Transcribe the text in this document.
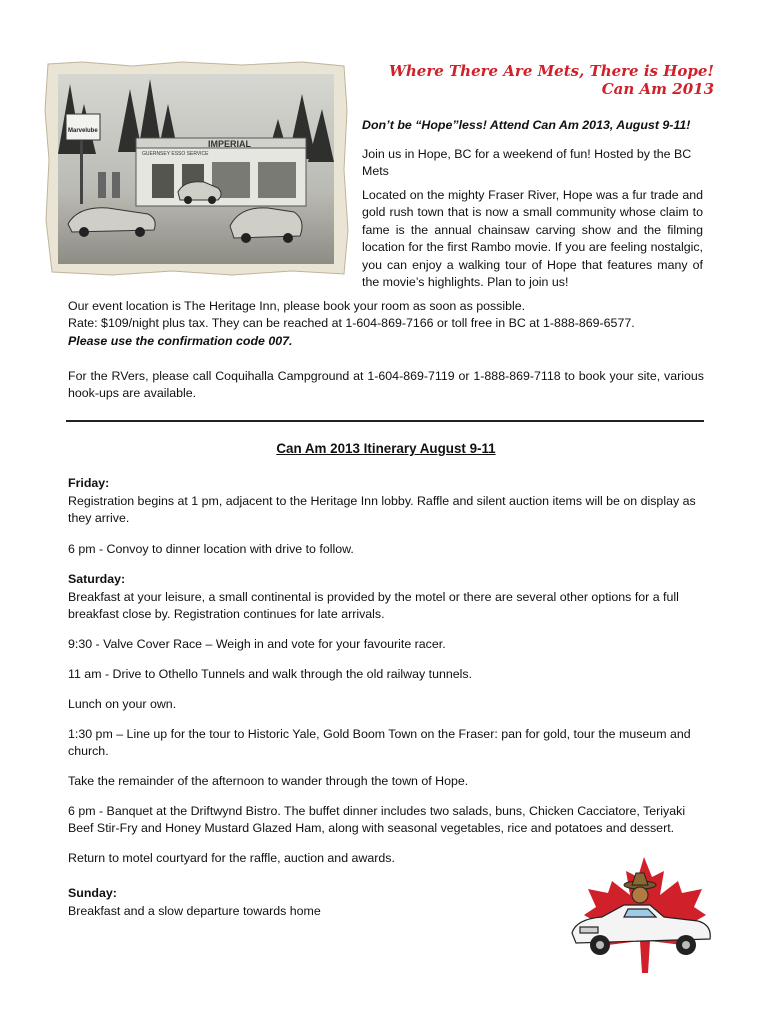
IMPERIAL
GUERNSEY ESSO SERVICE
Marvelube
Where There Are Mets, There is Hope!
Can Am 2013
Don’t be “Hope”less! Attend Can Am 2013, August 9-11!
Join us in Hope, BC for a weekend of fun! Hosted by the BC Mets
Located on the mighty Fraser River, Hope was a fur trade and gold rush town that is now a small community whose claim to fame is the annual chainsaw carving show and the filming location for the first Rambo movie. If you are feeling nostalgic, you can enjoy a walking tour of Hope that features many of the movie’s highlights. Plan to join us!
Our event location is The Heritage Inn, please book your room as soon as possible.
Rate: $109/night plus tax. They can be reached at 1-604-869-7166 or toll free in BC at 1-888-869-6577.
Please use the confirmation code 007.
For the RVers, please call Coquihalla Campground at 1-604-869-7119 or 1-888-869-7118 to book your site, various hook-ups are available.
Can Am 2013 Itinerary August 9-11
Friday:
Registration begins at 1 pm, adjacent to the Heritage Inn lobby. Raffle and silent auction items will be on display as they arrive.
6 pm - Convoy to dinner location with drive to follow.
Saturday:
Breakfast at your leisure, a small continental is provided by the motel or there are several other options for a full breakfast close by. Registration continues for late arrivals.
9:30 - Valve Cover Race – Weigh in and vote for your favourite racer.
11 am - Drive to Othello Tunnels and walk through the old railway tunnels.
Lunch on your own.
1:30 pm – Line up for the tour to Historic Yale, Gold Boom Town on the Fraser: pan for gold, tour the museum and church.
Take the remainder of the afternoon to wander through the town of Hope.
6 pm - Banquet at the Driftwynd Bistro. The buffet dinner includes two salads, buns, Chicken Cacciatore, Teriyaki Beef Stir-Fry and Honey Mustard Glazed Ham, along with seasonal vegetables, rice and potatoes and dessert.
Return to motel courtyard for the raffle, auction and awards.
Sunday:
Breakfast and a slow departure towards home
